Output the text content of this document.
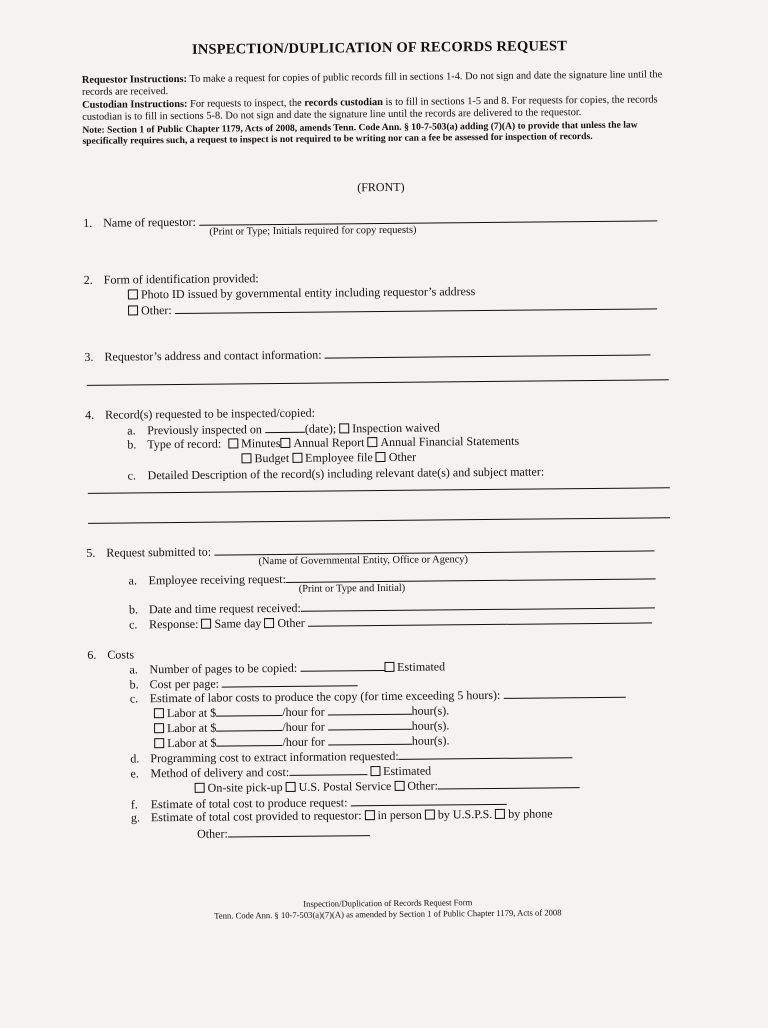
INSPECTION/DUPLICATION OF RECORDS REQUEST
Requestor Instructions: To make a request for copies of public records fill in sections 1-4. Do not sign and date the signature line until the records are received.
Custodian Instructions: For requests to inspect, the records custodian is to fill in sections 1-5 and 8. For requests for copies, the records custodian is to fill in sections 5-8. Do not sign and date the signature line until the records are delivered to the requestor.
Note: Section 1 of Public Chapter 1179, Acts of 2008, amends Tenn. Code Ann. § 10-7-503(a) adding (7)(A) to provide that unless the law specifically requires such, a request to inspect is not required to be writing nor can a fee be assessed for inspection of records.
(FRONT)
1. Name of requestor:
(Print or Type; Initials required for copy requests)
2. Form of identification provided:
Photo ID issued by governmental entity including requestor’s address
Other:
3. Requestor’s address and contact information:
4. Record(s) requested to be inspected/copied:
a. Previously inspected on	(date); Inspection waived
b. Type of record: Minutes Annual Report Annual Financial Statements
Budget Employee file Other
c. Detailed Description of the record(s) including relevant date(s) and subject matter:
5. Request submitted to:
(Name of Governmental Entity, Office or Agency)
a. Employee receiving request:
(Print or Type and Initial)
b. Date and time request received:
c. Response: Same day Other
6. Costs
a. Number of pages to be copied:	Estimated
b. Cost per page:
c. Estimate of labor costs to produce the copy (for time exceeding 5 hours):
Labor at $	/hour for	hour(s).
Labor at $	/hour for	hour(s).
Labor at $	/hour for	hour(s).
d. Programming cost to extract information requested:
e. Method of delivery and cost:	Estimated
On-site pick-up U.S. Postal Service Other:
f. Estimate of total cost to produce request:
g. Estimate of total cost provided to requestor: in person by U.S.P.S. by phone
Other:
Inspection/Duplication of Records Request Form
Tenn. Code Ann. § 10-7-503(a)(7)(A) as amended by Section 1 of Public Chapter 1179, Acts of 2008
